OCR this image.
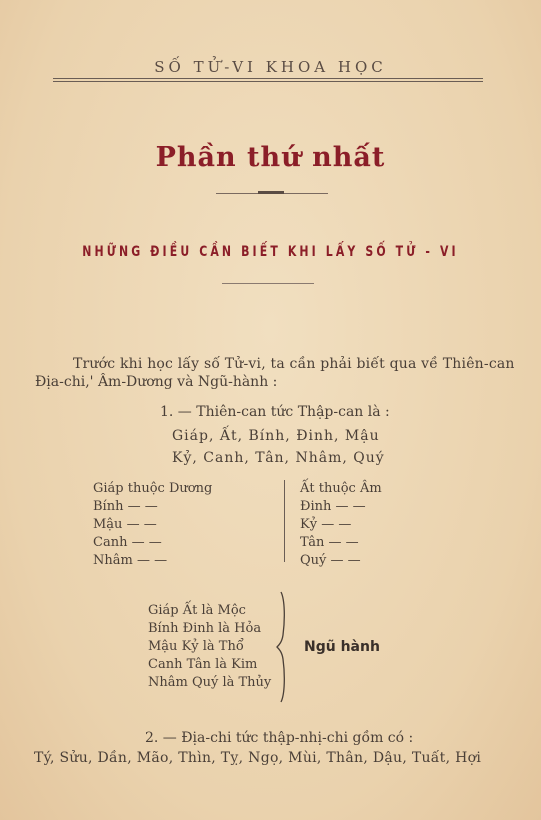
SỐ TỬ-VI KHOA HỌC
Phần thứ nhất
NHỮNG ĐIỀU CẦN BIẾT KHI LẤY SỐ TỬ - VI
Trước khi học lấy số Tử-vi, ta cần phải biết qua về Thiên-can
Địa-chi,' Âm-Dương và Ngũ-hành :
1. — Thiên-can tức Thập-can là :
Giáp, Ất, Bính, Đinh, Mậu
Kỷ, Canh, Tân, Nhâm, Quý
Giáp thuộc Dương
Bính — —
Mậu — —
Canh — —
Nhâm — —
Ất thuộc Âm
Đinh — —
Kỷ — —
Tân — —
Quý — —
Giáp Ất là Mộc
Bính Đinh là Hỏa
Mậu Kỷ là Thổ
Canh Tân là Kim
Nhâm Quý là Thủy
Ngũ hành
2. — Địa-chi tức thập-nhị-chi gồm có :
Tý, Sửu, Dần, Mão, Thìn, Tỵ, Ngọ, Mùi, Thân, Dậu, Tuất, Hợi
